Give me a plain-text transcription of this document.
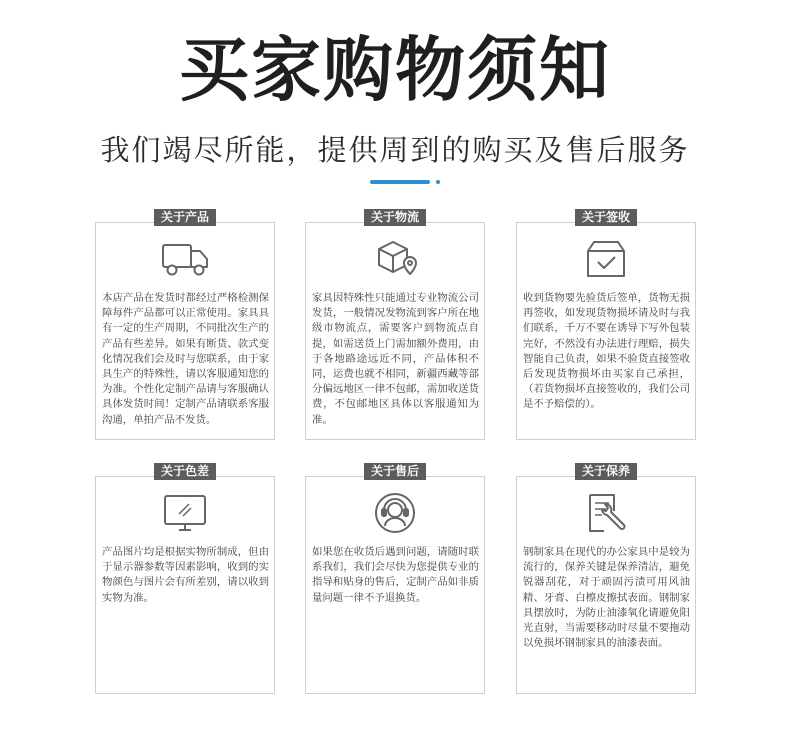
买家购物须知
我们竭尽所能，提供周到的购买及售后服务
关于产品
本店产品在发货时都经过严格检测保障每件产品都可以正常使用。家具具有一定的生产周期，不同批次生产的产品有些差异。如果有断货、款式变化情况我们会及时与您联系，由于家具生产的特殊性，请以客服通知您的为准。个性化定制产品请与客服确认具体发货时间！定制产品请联系客服沟通，单拍产品不发货。
关于物流
家具因特殊性只能通过专业物流公司发货，一般情况发物流到客户所在地级市物流点，需要客户到物流点自提，如需送货上门需加额外费用，由于各地路途远近不同，产品体积不同，运费也就不相同，新疆西藏等部分偏远地区一律不包邮，需加收送货费，不包邮地区具体以客服通知为准。
关于签收
收到货物要先验货后签单，货物无损再签收，如发现货物损坏请及时与我们联系，千万不要在诱导下写外包装完好，不然没有办法进行理赔，损失智能自己负责，如果不验货直接签收后发现货物损坏由买家自己承担，（若货物损坏直接签收的，我们公司是不予赔偿的）。
关于色差
产品图片均是根据实物所制成，但由于显示器参数等因素影响，收到的实物颜色与图片会有所差别，请以收到实物为准。
关于售后
如果您在收货后遇到问题，请随时联系我们，我们会尽快为您提供专业的指导和贴身的售后，定制产品如非质量问题一律不予退换货。
关于保养
钢制家具在现代的办公家具中是较为流行的，保养关键是保养清洁，避免锐器刮花，对于顽固污渍可用风油精、牙膏、白檫皮擦拭表面。钢制家具摆放时，为防止油漆氧化请避免阳光直射，当需要移动时尽量不要拖动以免损坏钢制家具的油漆表面。
